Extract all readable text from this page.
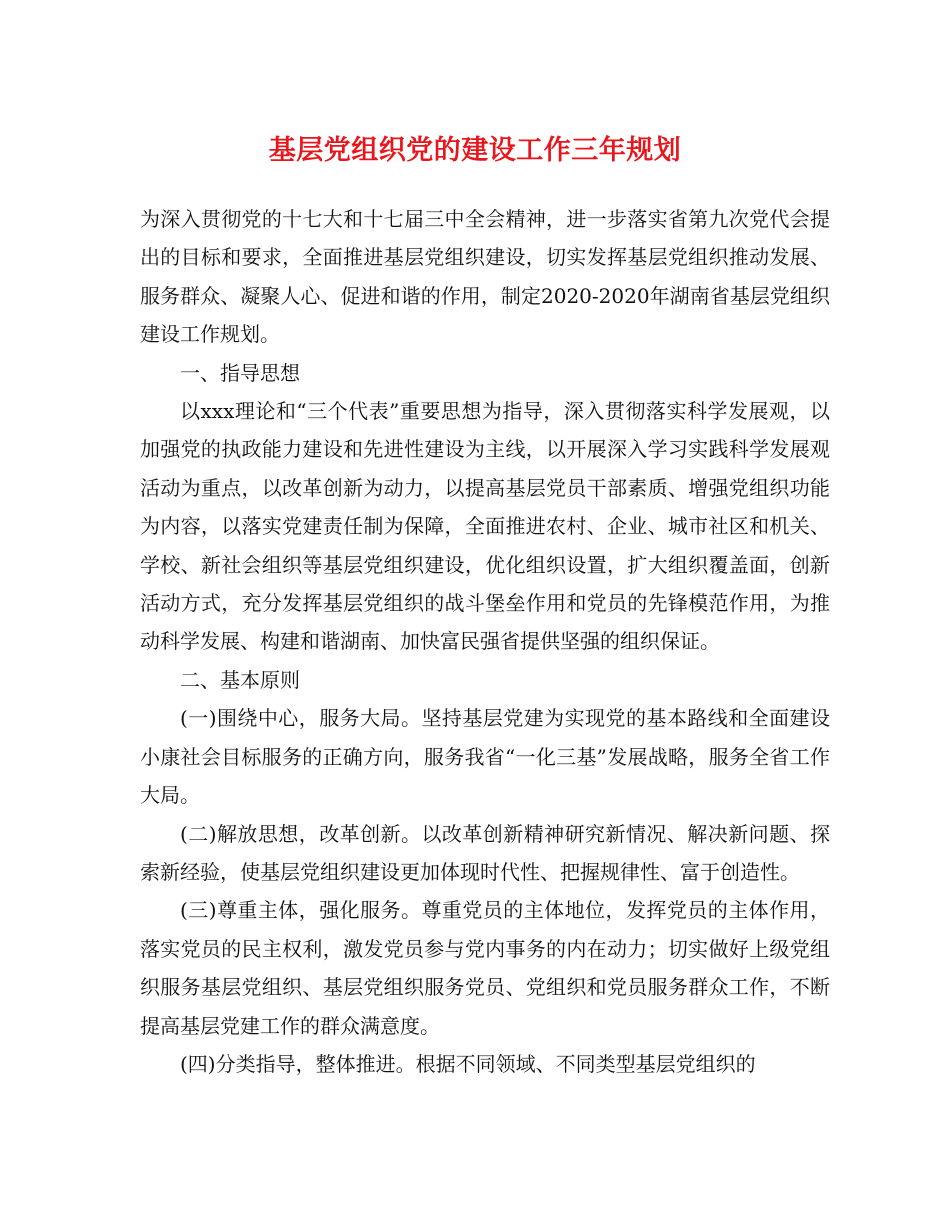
基层党组织党的建设工作三年规划

为深入贯彻党的十七大和十七届三中全会精神，进一步落实省第九次党代会提出的目标和要求，全面推进基层党组织建设，切实发挥基层党组织推动发展、服务群众、凝聚人心、促进和谐的作用，制定2020-2020年湖南省基层党组织建设工作规划。

一、指导思想

以xxx理论和“三个代表”重要思想为指导，深入贯彻落实科学发展观，以加强党的执政能力建设和先进性建设为主线，以开展深入学习实践科学发展观活动为重点，以改革创新为动力，以提高基层党员干部素质、增强党组织功能为内容，以落实党建责任制为保障，全面推进农村、企业、城市社区和机关、学校、新社会组织等基层党组织建设，优化组织设置，扩大组织覆盖面，创新活动方式，充分发挥基层党组织的战斗堡垒作用和党员的先锋模范作用，为推动科学发展、构建和谐湖南、加快富民强省提供坚强的组织保证。

二、基本原则

(一)围绕中心，服务大局。坚持基层党建为实现党的基本路线和全面建设小康社会目标服务的正确方向，服务我省“一化三基”发展战略，服务全省工作大局。

(二)解放思想，改革创新。以改革创新精神研究新情况、解决新问题、探索新经验，使基层党组织建设更加体现时代性、把握规律性、富于创造性。

(三)尊重主体，强化服务。尊重党员的主体地位，发挥党员的主体作用，落实党员的民主权利，激发党员参与党内事务的内在动力；切实做好上级党组织服务基层党组织、基层党组织服务党员、党组织和党员服务群众工作，不断提高基层党建工作的群众满意度。

(四)分类指导，整体推进。根据不同领域、不同类型基层党组织的
